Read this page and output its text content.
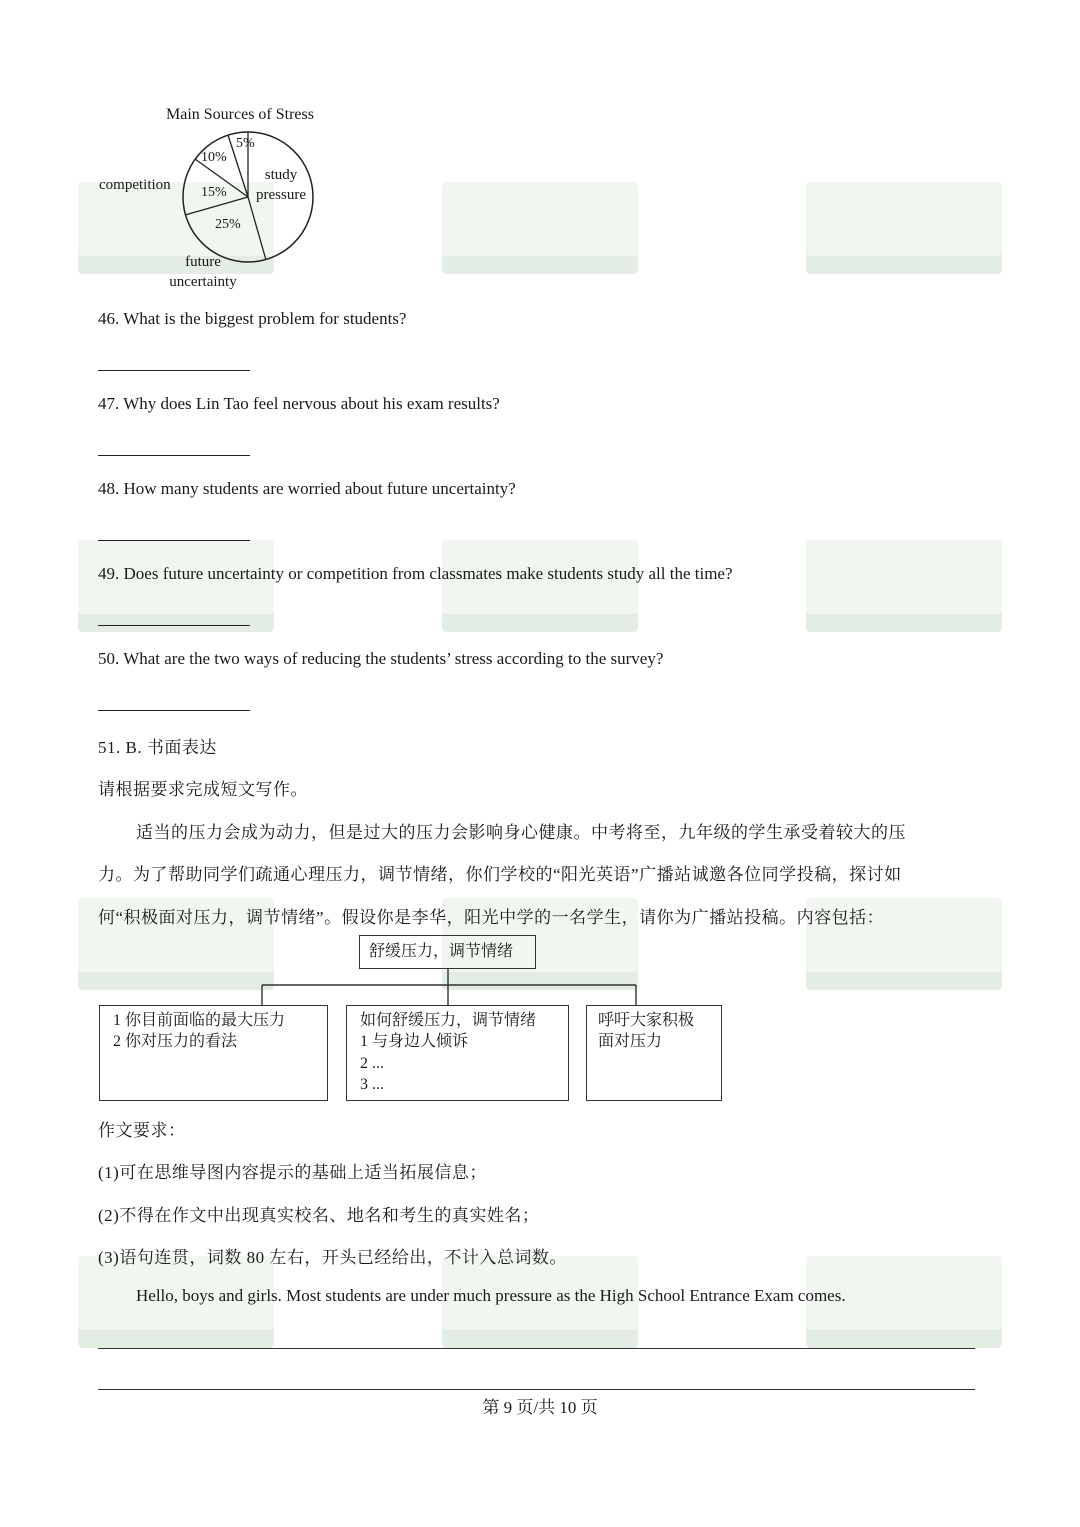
Main Sources of Stress
5%
10%
15%
25%
study
pressure
competition
future
uncertainty
46. What is the biggest problem for students?
47. Why does Lin Tao feel nervous about his exam results?
48. How many students are worried about future uncertainty?
49. Does future uncertainty or competition from classmates make students study all the time?
50. What are the two ways of reducing the students’ stress according to the survey?
51. B. 书面表达
请根据要求完成短文写作。
适当的压力会成为动力，但是过大的压力会影响身心健康。中考将至，九年级的学生承受着较大的压
力。为了帮助同学们疏通心理压力，调节情绪，你们学校的“阳光英语”广播站诚邀各位同学投稿，探讨如
何“积极面对压力，调节情绪”。假设你是李华，阳光中学的一名学生，请你为广播站投稿。内容包括：
舒缓压力，调节情绪
1 你目前面临的最大压力
2 你对压力的看法
如何舒缓压力，调节情绪
1 与身边人倾诉
2 ...
3 ...
呼吁大家积极
面对压力
作文要求：
(1)可在思维导图内容提示的基础上适当拓展信息；
(2)不得在作文中出现真实校名、地名和考生的真实姓名；
(3)语句连贯，词数 80 左右，开头已经给出，不计入总词数。
Hello, boys and girls. Most students are under much pressure as the High School Entrance Exam comes.
第 9 页/共 10 页
